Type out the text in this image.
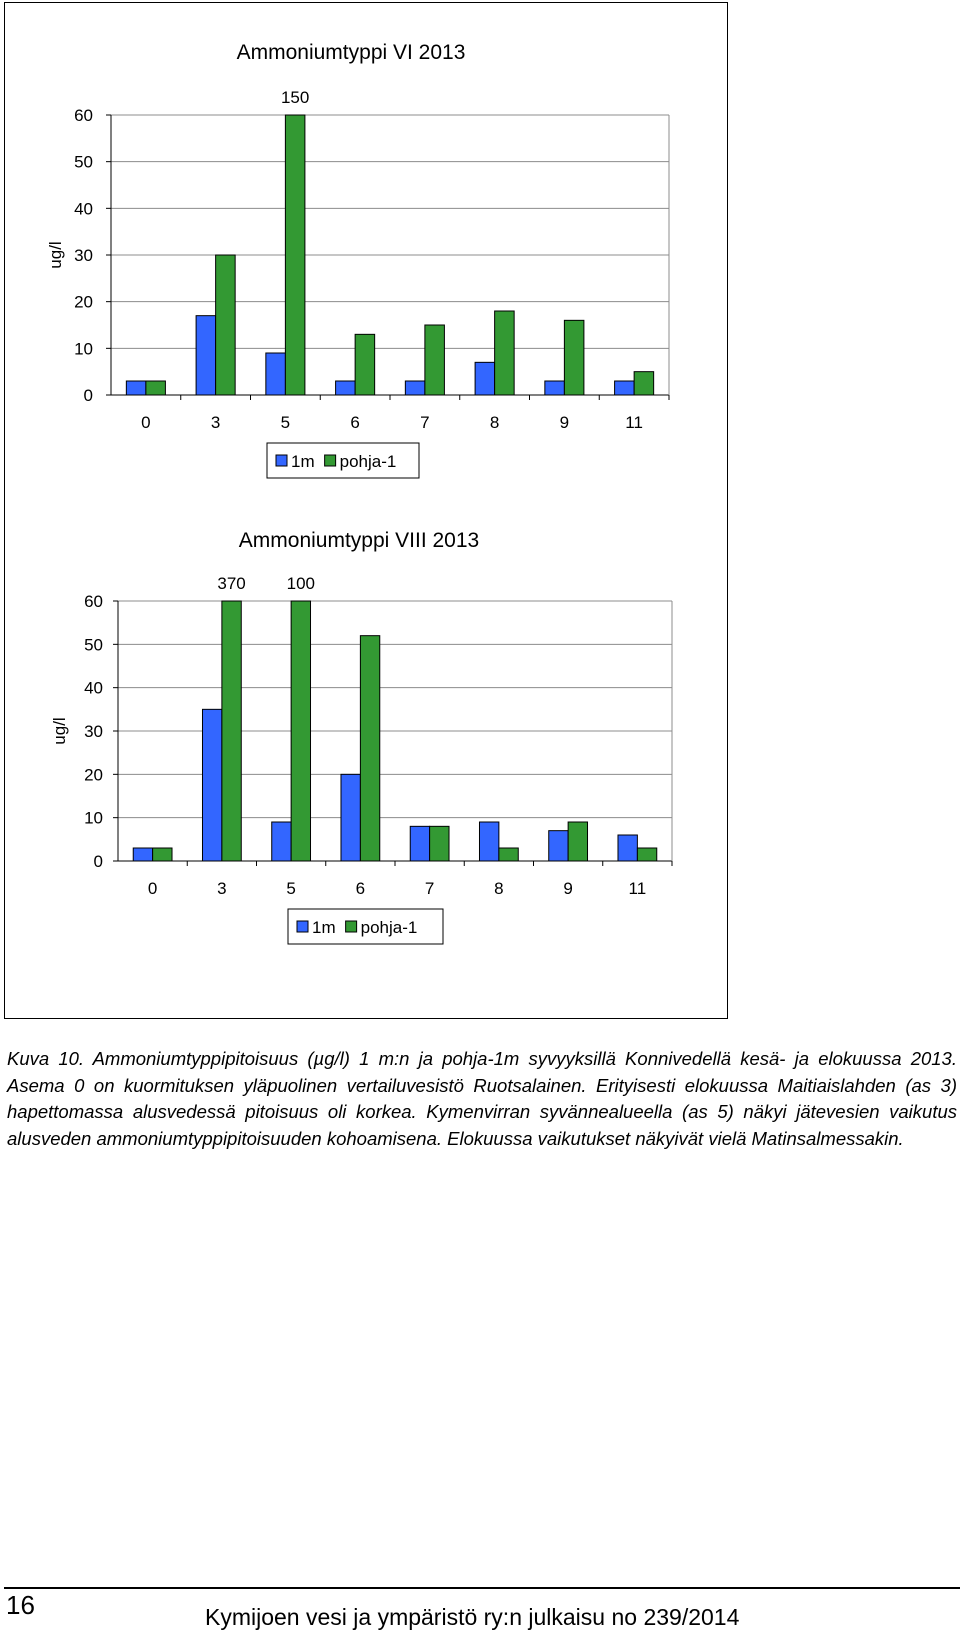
Ammoniumtyppi VI 2013
ug/l
0
10
20
30
40
50
60
0	3	5	6	7	8	9	11
150
1m pohja-1
Ammoniumtyppi VIII 2013
ug/l
0
10
20
30
40
50
60
0	3	5	6	7	8	9	11
370 100
1m pohja-1
Kuva 10. Ammoniumtyppipitoisuus (µg/l) 1 m:n ja pohja-1m syvyyksillä Konnivedellä kesä- ja elokuussa 2013. Asema 0 on kuormituksen yläpuolinen vertailuvesistö Ruotsalainen. Erityisesti elokuussa Maitiaislahden (as 3) hapettomassa alusvedessä pitoisuus oli korkea. Kymenvirran syvännealueella (as 5) näkyi jätevesien vaikutus alusveden ammoniumtyppipitoisuuden kohoamisena. Elokuussa vaikutukset näkyivät vielä Matinsalmessakin.
16	Kymijoen vesi ja ympäristö ry:n julkaisu no 239/2014
